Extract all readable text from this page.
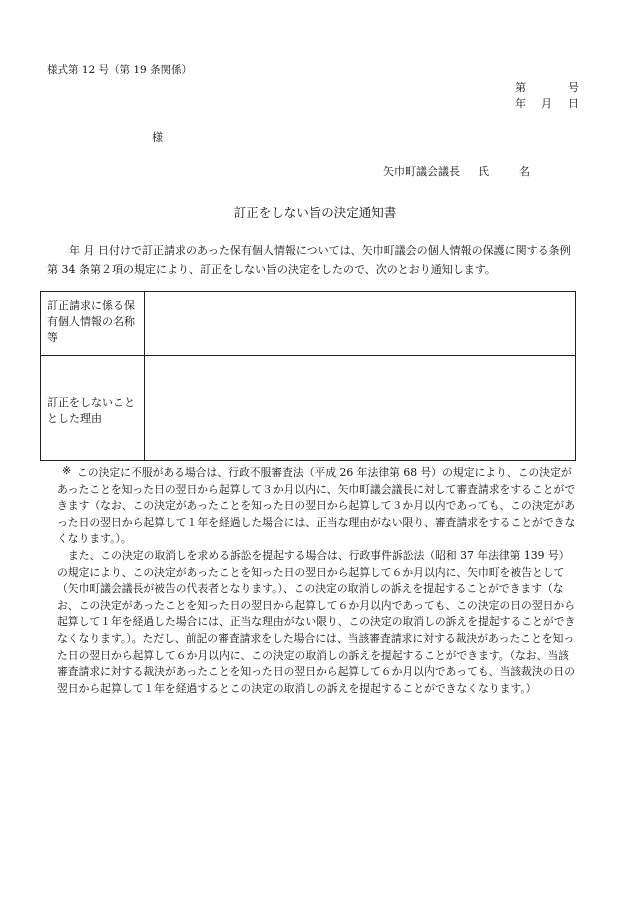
様式第 12 号（第 19 条関係）
第	号
年 月 日
様
矢巾町議会議長 氏	名
訂正をしない旨の決定通知書
年 月 日付けで訂正請求のあった保有個人情報については、矢巾町議会の個人情報の保護に関する条例第 34 条第２項の規定により、訂正をしない旨の決定をしたので、次のとおり通知します。
訂正請求に係る保有個人情報の名称等
訂正をしないこととした理由
※ この決定に不服がある場合は、行政不服審査法（平成 26 年法律第 68 号）の規定により、この決定があったことを知った日の翌日から起算して３か月以内に、矢巾町議会議長に対して審査請求をすることができます（なお、この決定があったことを知った日の翌日から起算して３か月以内であっても、この決定があった日の翌日から起算して１年を経過した場合には、正当な理由がない限り、審査請求をすることができなくなります。）。

また、この決定の取消しを求める訴訟を提起する場合は、行政事件訴訟法（昭和 37 年法律第 139 号）の規定により、この決定があったことを知った日の翌日から起算して６か月以内に、矢巾町を被告として（矢巾町議会議長が被告の代表者となります。）、この決定の取消しの訴えを提起することができます（なお、この決定があったことを知った日の翌日から起算して６か月以内であっても、この決定の日の翌日から起算して１年を経過した場合には、正当な理由がない限り、この決定の取消しの訴えを提起することができなくなります。）。ただし、前記の審査請求をした場合には、当該審査請求に対する裁決があったことを知った日の翌日から起算して６か月以内に、この決定の取消しの訴えを提起することができます。（なお、当該審査請求に対する裁決があったことを知った日の翌日から起算して６か月以内であっても、当該裁決の日の翌日から起算して１年を経過するとこの決定の取消しの訴えを提起することができなくなります。）
